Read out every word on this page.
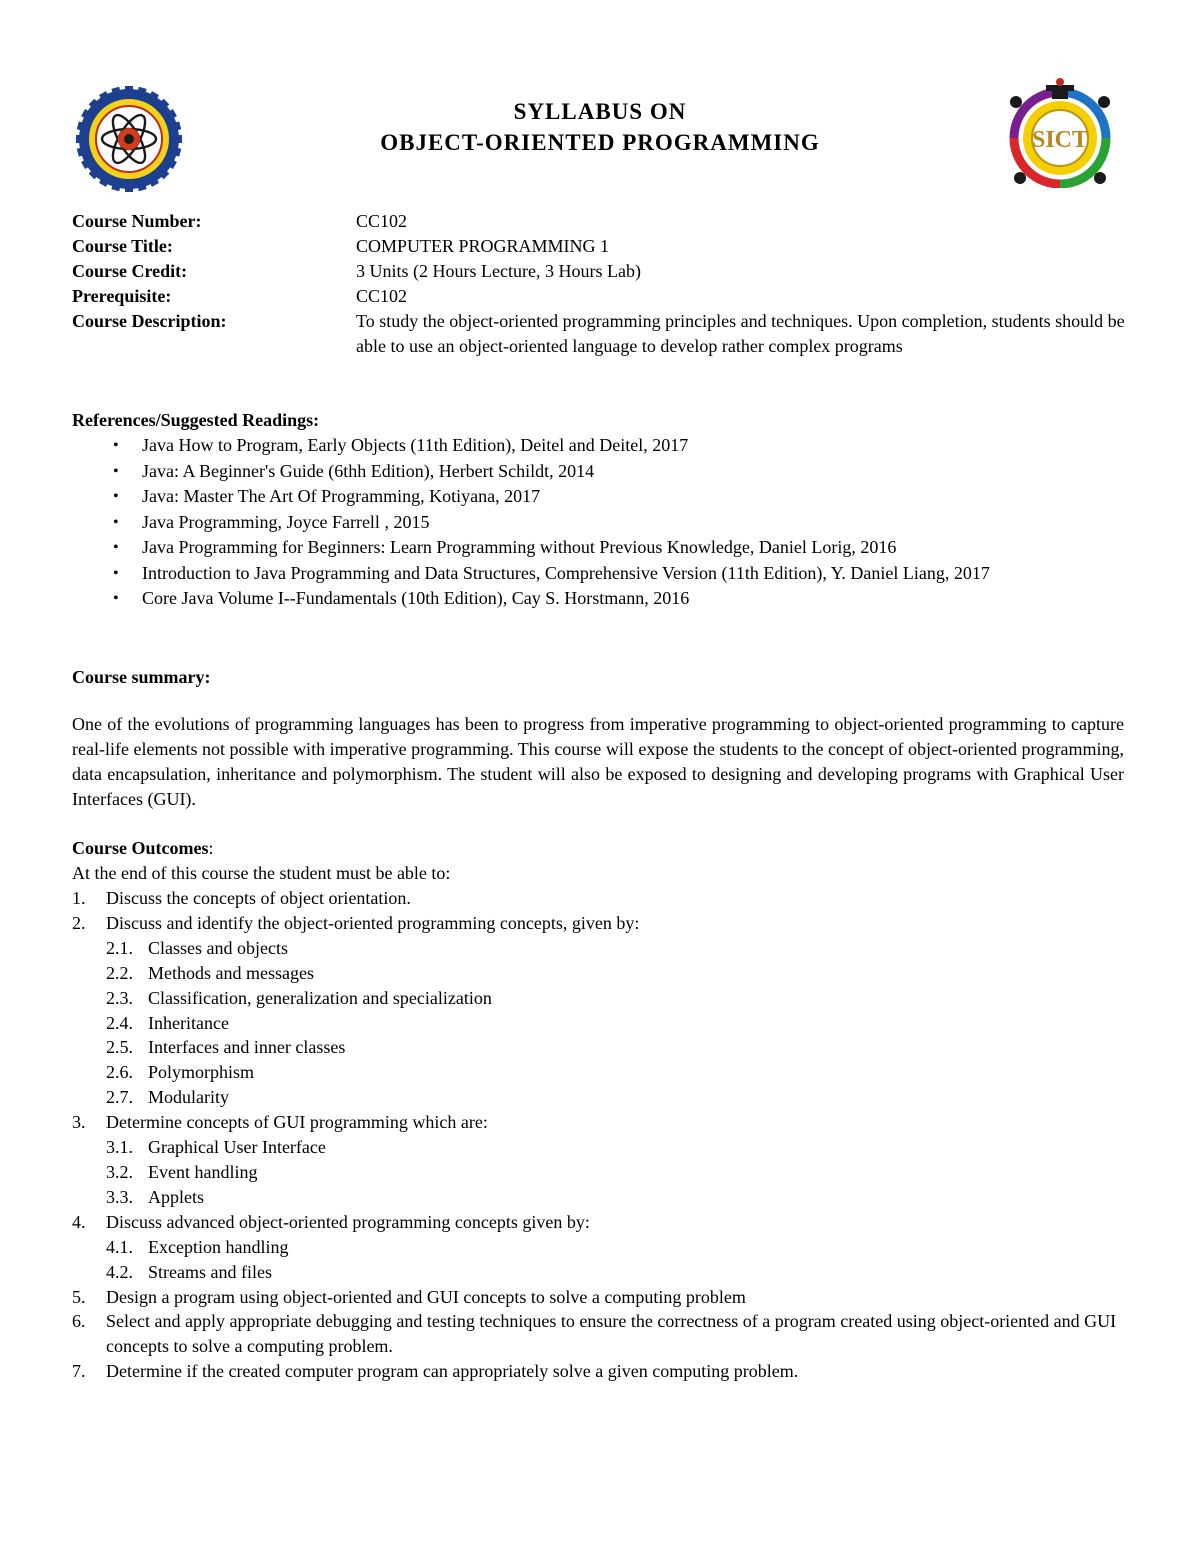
SYLLABUS ON
OBJECT-ORIENTED PROGRAMMING	SICT
Course Number:	CC102
Course Title:	COMPUTER PROGRAMMING 1
Course Credit:	3 Units (2 Hours Lecture, 3 Hours Lab)
Prerequisite:	CC102
Course Description:	To study the object-oriented programming principles and techniques. Upon completion, students should be able to use an object-oriented language to develop rather complex programs
References/Suggested Readings:
• Java How to Program, Early Objects (11th Edition), Deitel and Deitel, 2017
• Java: A Beginner's Guide (6thh Edition), Herbert Schildt, 2014
• Java: Master The Art Of Programming, Kotiyana, 2017
• Java Programming, Joyce Farrell , 2015
• Java Programming for Beginners: Learn Programming without Previous Knowledge, Daniel Lorig, 2016
• Introduction to Java Programming and Data Structures, Comprehensive Version (11th Edition), Y. Daniel Liang, 2017
• Core Java Volume I--Fundamentals (10th Edition), Cay S. Horstmann, 2016
Course summary:

One of the evolutions of programming languages has been to progress from imperative programming to object-oriented programming to capture real-life elements not possible with imperative programming. This course will expose the students to the concept of object-oriented programming, data encapsulation, inheritance and polymorphism. The student will also be exposed to designing and developing programs with Graphical User Interfaces (GUI).

Course Outcomes:
At the end of this course the student must be able to:
1. Discuss the concepts of object orientation.
2. Discuss and identify the object-oriented programming concepts, given by:
2.1. Classes and objects
2.2. Methods and messages
2.3. Classification, generalization and specialization
2.4. Inheritance
2.5. Interfaces and inner classes
2.6. Polymorphism
2.7. Modularity
3. Determine concepts of GUI programming which are:
3.1. Graphical User Interface
3.2. Event handling
3.3. Applets
4. Discuss advanced object-oriented programming concepts given by:
4.1. Exception handling
4.2. Streams and files
5. Design a program using object-oriented and GUI concepts to solve a computing problem
6. Select and apply appropriate debugging and testing techniques to ensure the correctness of a program created using object-oriented and GUI concepts to solve a computing problem.
7. Determine if the created computer program can appropriately solve a given computing problem.
